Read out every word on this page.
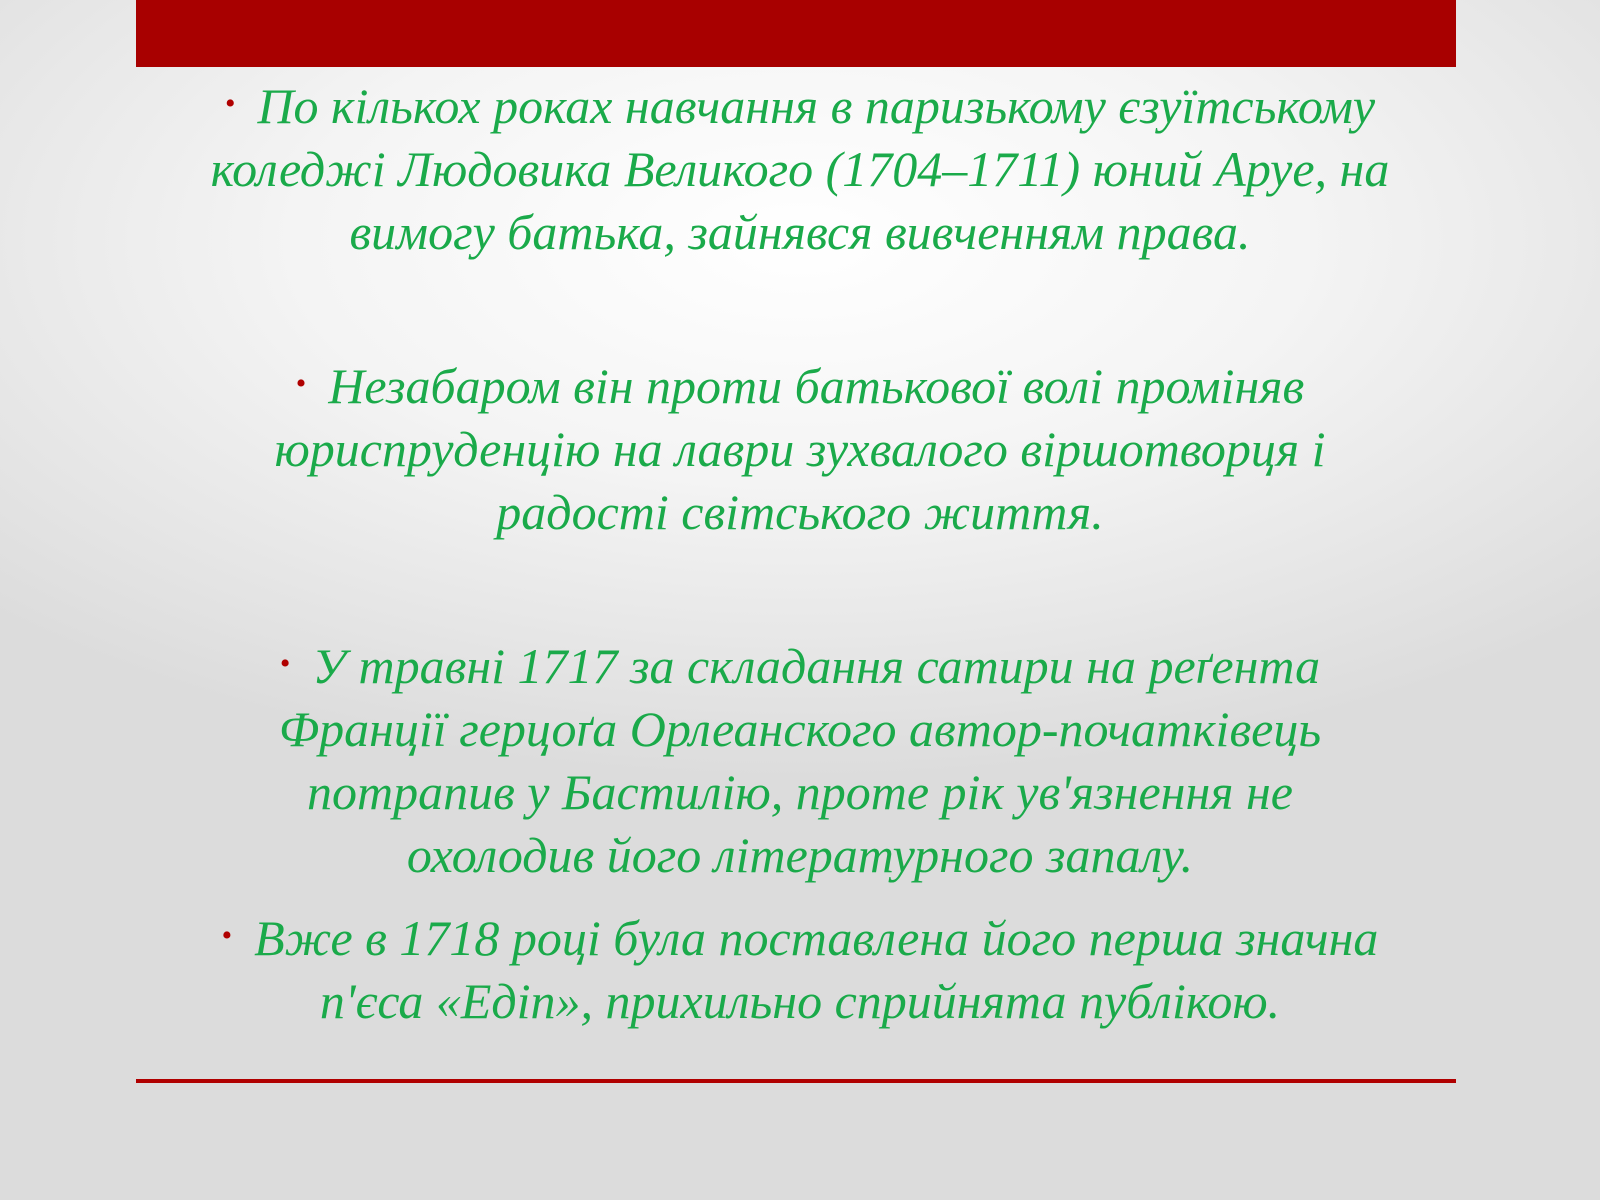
• По кількох роках навчання в паризькому єзуїтському коледжі Людовика Великого (1704–1711) юний Аруе, на вимогу батька, зайнявся вивченням права.
• Незабаром він проти батькової волі проміняв юриспруденцію на лаври зухвалого віршотворця і радості світського життя.
• У травні 1717 за складання сатири на реґента Франції герцоґа Орлеанского автор-початківець потрапив у Бастилію, проте рік ув'язнення не охолодив його літературного запалу.
• Вже в 1718 році була поставлена його перша значна п'єса «Едіп», прихильно сприйнята публікою.
